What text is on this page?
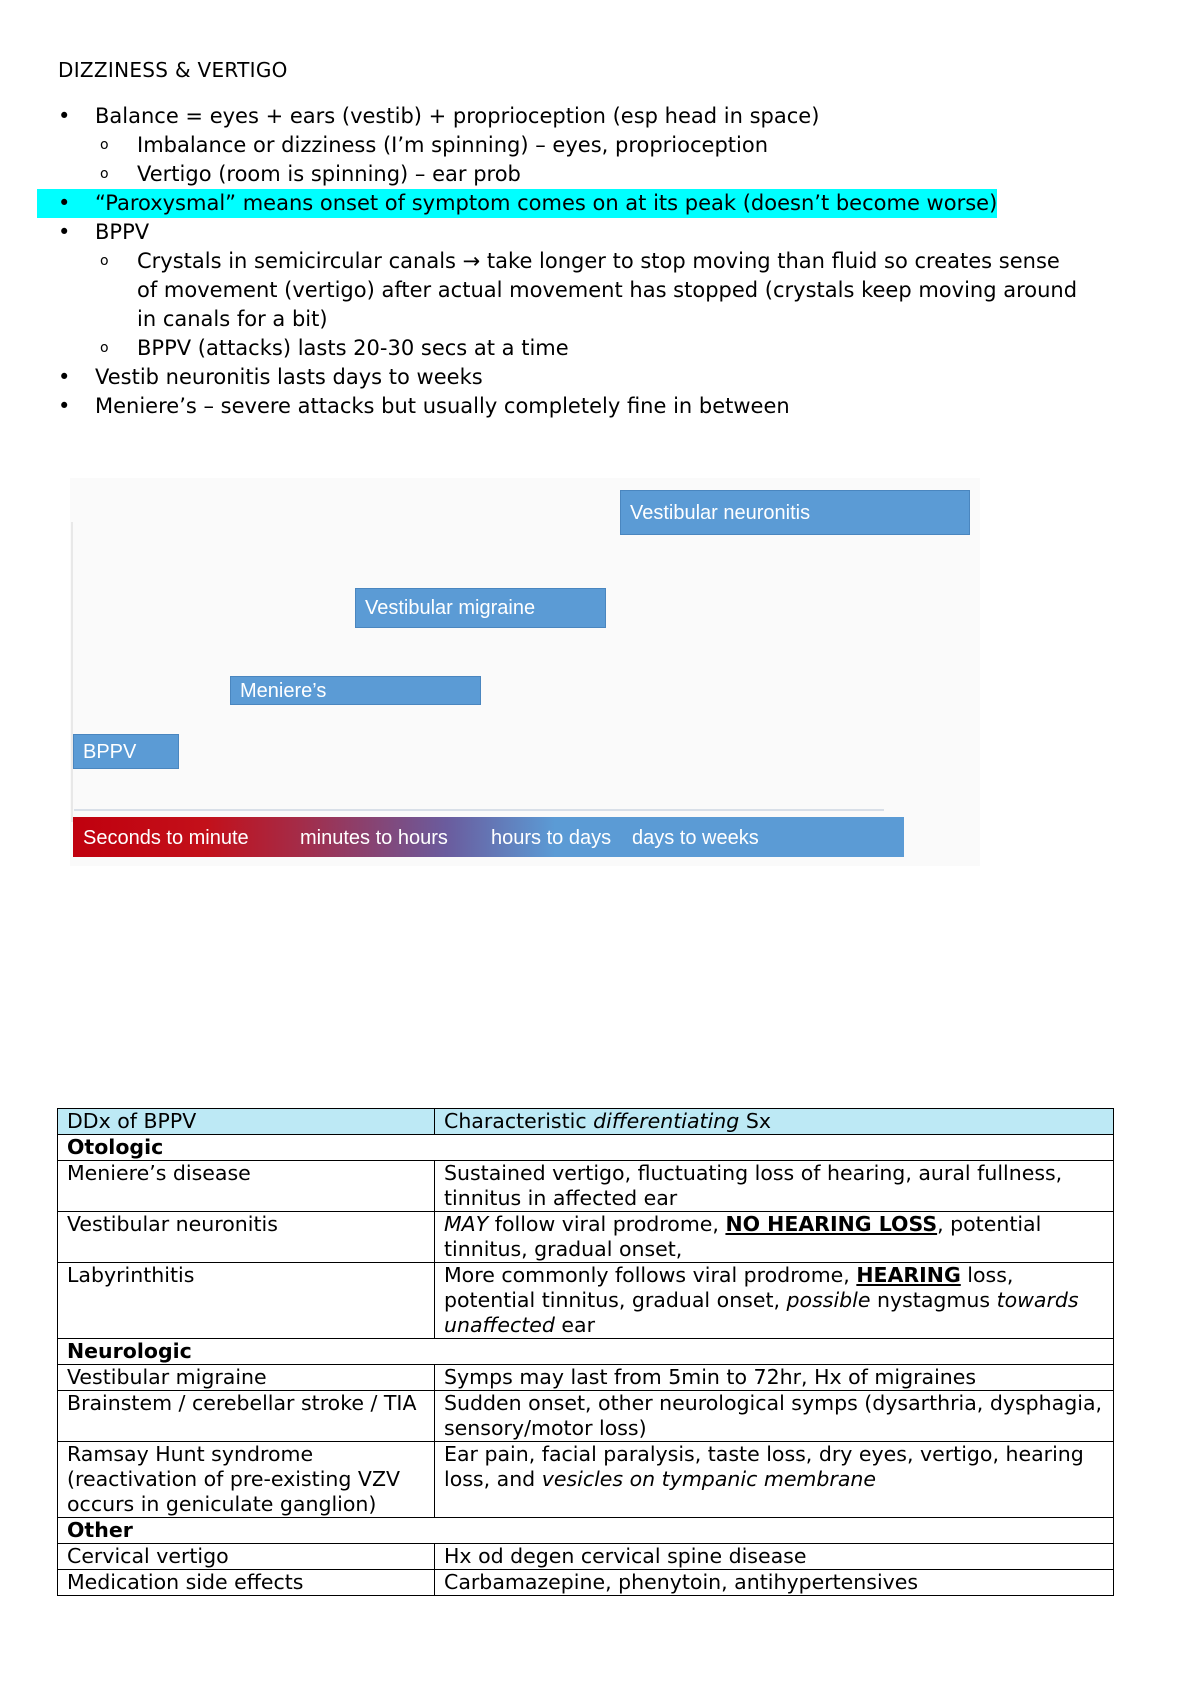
DIZZINESS & VERTIGO
•	Balance = eyes + ears (vestib) + proprioception (esp head in space)
o	Imbalance or dizziness (I’m spinning) – eyes, proprioception
o	Vertigo (room is spinning) – ear prob
•	“Paroxysmal” means onset of symptom comes on at its peak (doesn’t become worse)
•	BPPV
o	Crystals in semicircular canals → take longer to stop moving than fluid so creates sense
of movement (vertigo) after actual movement has stopped (crystals keep moving around
in canals for a bit)
o	BPPV (attacks) lasts 20-30 secs at a time
•	Vestib neuronitis lasts days to weeks
•	Meniere’s – severe attacks but usually completely fine in between
Vestibular neuronitis
Vestibular migraine
Meniere’s
BPPV
Seconds to minute	minutes to hours hours to days days to weeks
DDx of BPPV	Characteristic differentiating Sx
Otologic	
Meniere’s disease	Sustained vertigo, fluctuating loss of hearing, aural fullness, tinnitus in affected ear
Vestibular neuronitis	MAY follow viral prodrome, NO HEARING LOSS, potential tinnitus, gradual onset,
Labyrinthitis	More commonly follows viral prodrome, HEARING loss, potential tinnitus, gradual onset, possible nystagmus towards unaffected ear
Neurologic	
Vestibular migraine	Symps may last from 5min to 72hr, Hx of migraines
Brainstem / cerebellar stroke / TIA	Sudden onset, other neurological symps (dysarthria, dysphagia, sensory/motor loss)
Ramsay Hunt syndrome (reactivation of pre-existing VZV occurs in geniculate ganglion)	Ear pain, facial paralysis, taste loss, dry eyes, vertigo, hearing loss, and vesicles on tympanic membrane
Other	
Cervical vertigo	Hx od degen cervical spine disease
Medication side effects	Carbamazepine, phenytoin, antihypertensives
